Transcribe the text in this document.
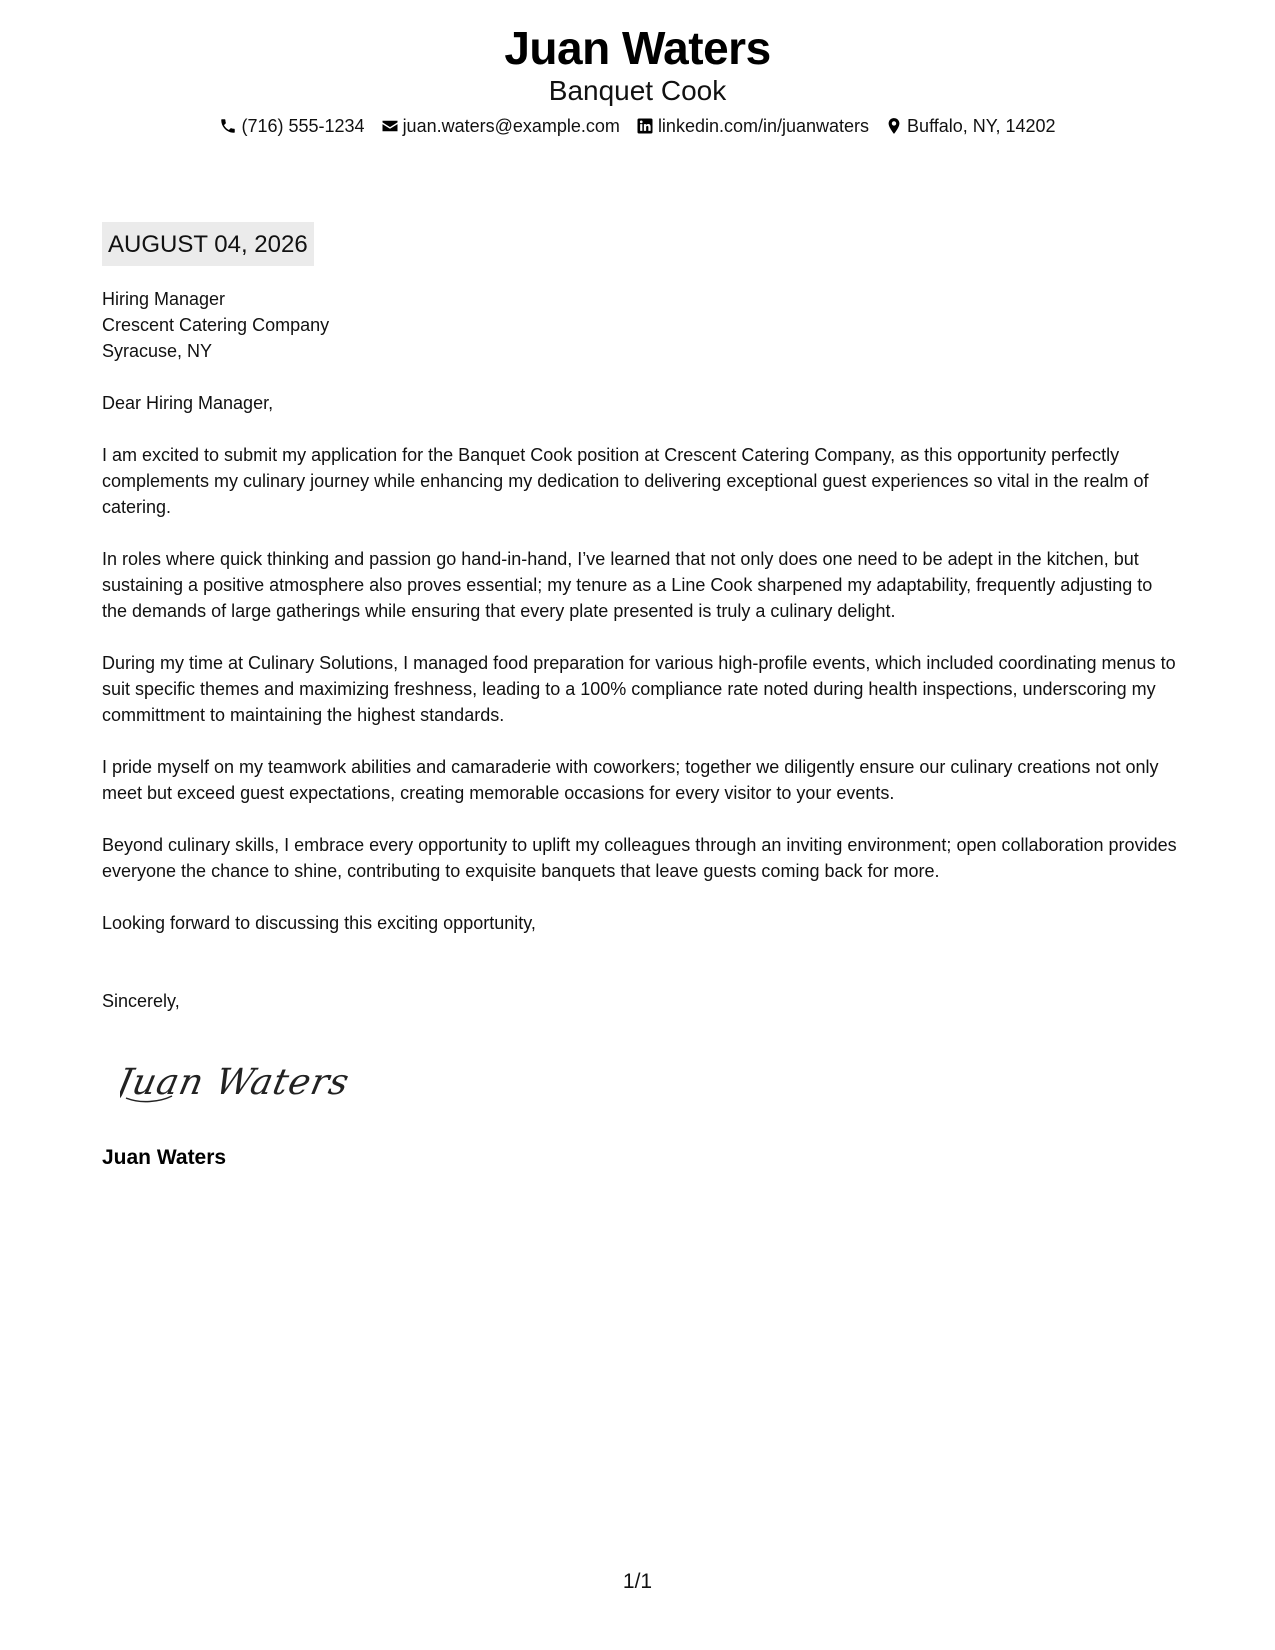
Juan Waters
Banquet Cook
(716) 555-1234 juan.waters@example.com linkedin.com/in/juanwaters Buffalo, NY, 14202
AUGUST 04, 2026
Hiring Manager
Crescent Catering Company
Syracuse, NY
Dear Hiring Manager,
I am excited to submit my application for the Banquet Cook position at Crescent Catering Company, as this opportunity perfectly complements my culinary journey while enhancing my dedication to delivering exceptional guest experiences so vital in the realm of catering.
In roles where quick thinking and passion go hand-in-hand, I’ve learned that not only does one need to be adept in the kitchen, but sustaining a positive atmosphere also proves essential; my tenure as a Line Cook sharpened my adaptability, frequently adjusting to the demands of large gatherings while ensuring that every plate presented is truly a culinary delight.
During my time at Culinary Solutions, I managed food preparation for various high-profile events, which included coordinating menus to suit specific themes and maximizing freshness, leading to a 100% compliance rate noted during health inspections, underscoring my committment to maintaining the highest standards.
I pride myself on my teamwork abilities and camaraderie with coworkers; together we diligently ensure our culinary creations not only meet but exceed guest expectations, creating memorable occasions for every visitor to your events.
Beyond culinary skills, I embrace every opportunity to uplift my colleagues through an inviting environment; open collaboration provides everyone the chance to shine, contributing to exquisite banquets that leave guests coming back for more.
Looking forward to discussing this exciting opportunity,
Sincerely,
Juan Waters
Juan Waters
1/1
